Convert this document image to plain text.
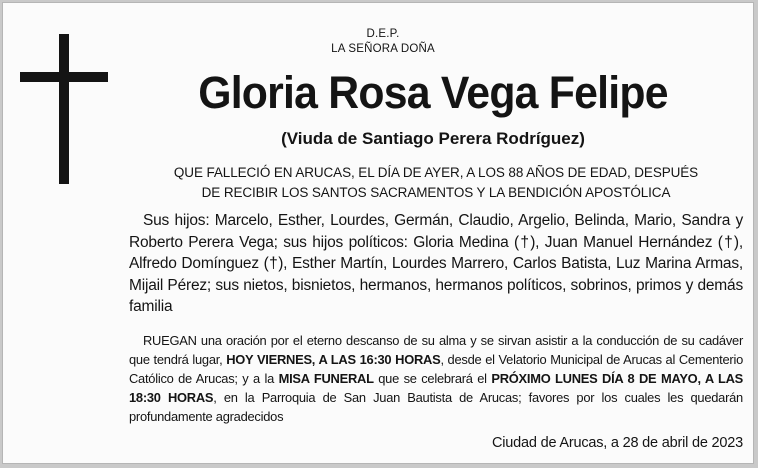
D.E.P.
LA SEÑORA DOÑA
Gloria Rosa Vega Felipe
(Viuda de Santiago Perera Rodríguez)
QUE FALLECIÓ EN ARUCAS, EL DÍA DE AYER, A LOS 88 AÑOS DE EDAD, DESPUÉS
DE RECIBIR LOS SANTOS SACRAMENTOS Y LA BENDICIÓN APOSTÓLICA
Sus hijos: Marcelo, Esther, Lourdes, Germán, Claudio, Argelio, Belinda, Mario, Sandra y Roberto Perera Vega; sus hijos políticos: Gloria Medina (†), Juan Manuel Hernández (†), Alfredo Domínguez (†), Esther Martín, Lourdes Marrero, Carlos Batista, Luz Marina Armas, Mijail Pérez; sus nietos, bisnietos, hermanos, hermanos políticos, sobrinos, primos y demás familia
RUEGAN una oración por el eterno descanso de su alma y se sirvan asistir a la conducción de su cadáver que tendrá lugar, HOY VIERNES, A LAS 16:30 HORAS, desde el Velatorio Municipal de Arucas al Cementerio Católico de Arucas; y a la MISA FUNERAL que se celebrará el PRÓXIMO LUNES DÍA 8 DE MAYO, A LAS 18:30 HORAS, en la Parroquia de San Juan Bautista de Arucas; favores por los cuales les quedarán profundamente agradecidos
Ciudad de Arucas, a 28 de abril de 2023
